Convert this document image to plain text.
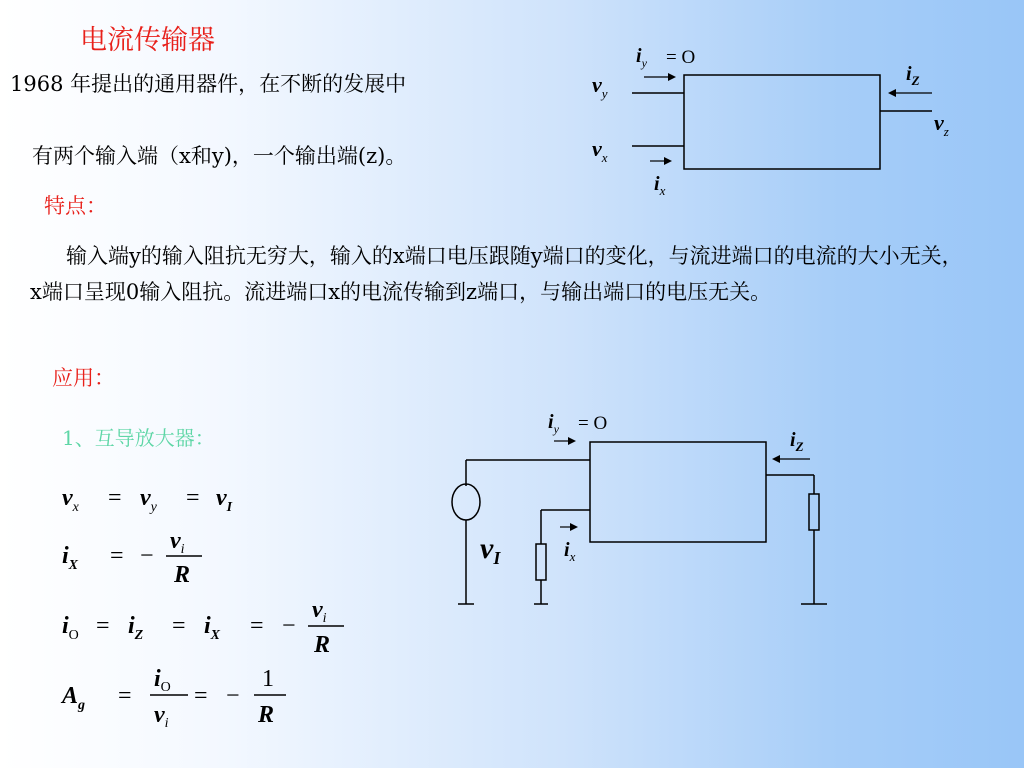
电流传输器
1968 年提出的通用器件，在不断的发展中
有两个输入端（x和y)，一个输出端(z)。
特点：
输入端y的输入阻抗无穷大，输入的x端口电压跟随y端口的变化，与流进端口的电流的大小无关，x端口呈现0输入阻抗。流进端口x的电流传输到z端口，与输出端口的电压无关。
应用：
1、互导放大器：
$i_y = O$
$v_y$
$v_x$
$i_Z$
$v_z$
$i_x$
$i_y = O$
$i_Z$
$i_x$
$v_I$
$v_x = v_y = v_I$
$i_X$ = −
$v_i$
R
$i_O = i_Z = i_X$ = −
$v_i$
R
$A_g$ =
$i_O$
$v_i$
= −
1
R
